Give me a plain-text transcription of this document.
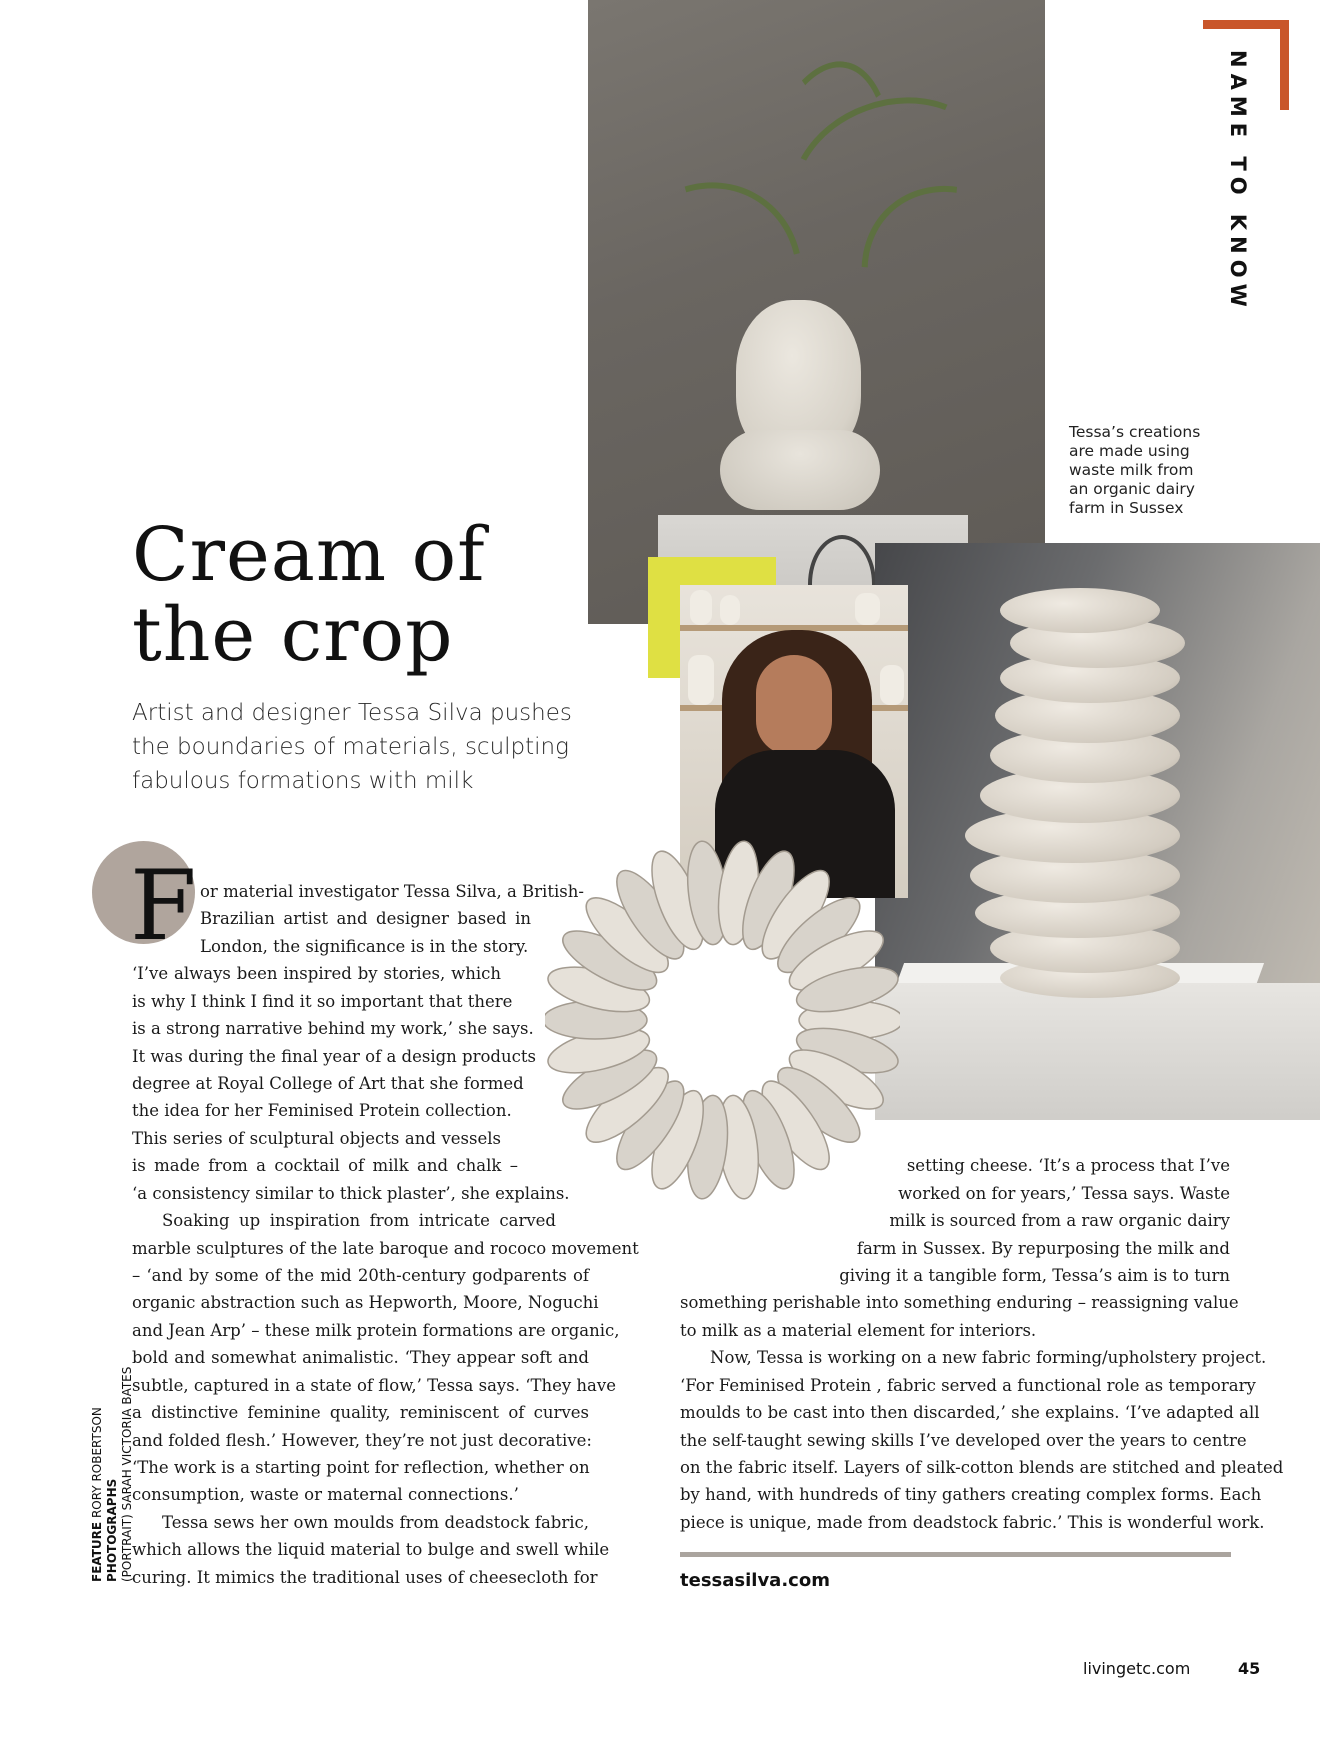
NAME TO KNOW
Tessa’s creations
are made using
waste milk from
an organic dairy
farm in Sussex
Cream of
the crop

Artist and designer Tessa Silva pushes
the boundaries of materials, sculpting
fabulous formations with milk

F or material investigator Tessa Silva, a British-
Brazilian artist and designer based in
London, the significance is in the story.
‘I’ve always been inspired by stories, which
is why I think I find it so important that there
is a strong narrative behind my work,’ she says.
It was during the final year of a design products
degree at Royal College of Art that she formed
the idea for her Feminised Protein collection.
This series of sculptural objects and vessels
is made from a cocktail of milk and chalk –
‘a consistency similar to thick plaster’, she explains.
Soaking up inspiration from intricate carved
marble sculptures of the late baroque and rococo movement
– ‘and by some of the mid 20th-century godparents of
organic abstraction such as Hepworth, Moore, Noguchi
and Jean Arp’ – these milk protein formations are organic,
bold and somewhat animalistic. ‘They appear soft and
subtle, captured in a state of flow,’ Tessa says. ‘They have
a distinctive feminine quality, reminiscent of curves
and folded flesh.’ However, they’re not just decorative:
‘The work is a starting point for reflection, whether on
consumption, waste or maternal connections.’
Tessa sews her own moulds from deadstock fabric,
which allows the liquid material to bulge and swell while
curing. It mimics the traditional uses of cheesecloth for
setting cheese. ‘It’s a process that I’ve
worked on for years,’ Tessa says. Waste
milk is sourced from a raw organic dairy
farm in Sussex. By repurposing the milk and
giving it a tangible form, Tessa’s aim is to turn
something perishable into something enduring – reassigning value
to milk as a material element for interiors.
Now, Tessa is working on a new fabric forming/upholstery project.
‘For Feminised Protein , fabric served a functional role as temporary
moulds to be cast into then discarded,’ she explains. ‘I’ve adapted all
the self-taught sewing skills I’ve developed over the years to centre
on the fabric itself. Layers of silk-cotton blends are stitched and pleated
by hand, with hundreds of tiny gathers creating complex forms. Each
piece is unique, made from deadstock fabric.’ This is wonderful work.
FEATURE RORY ROBERTSON PHOTOGRAPHS (PORTRAIT) SARAH VICTORIA BATES	tessasilva.com
livingetc.com	45
